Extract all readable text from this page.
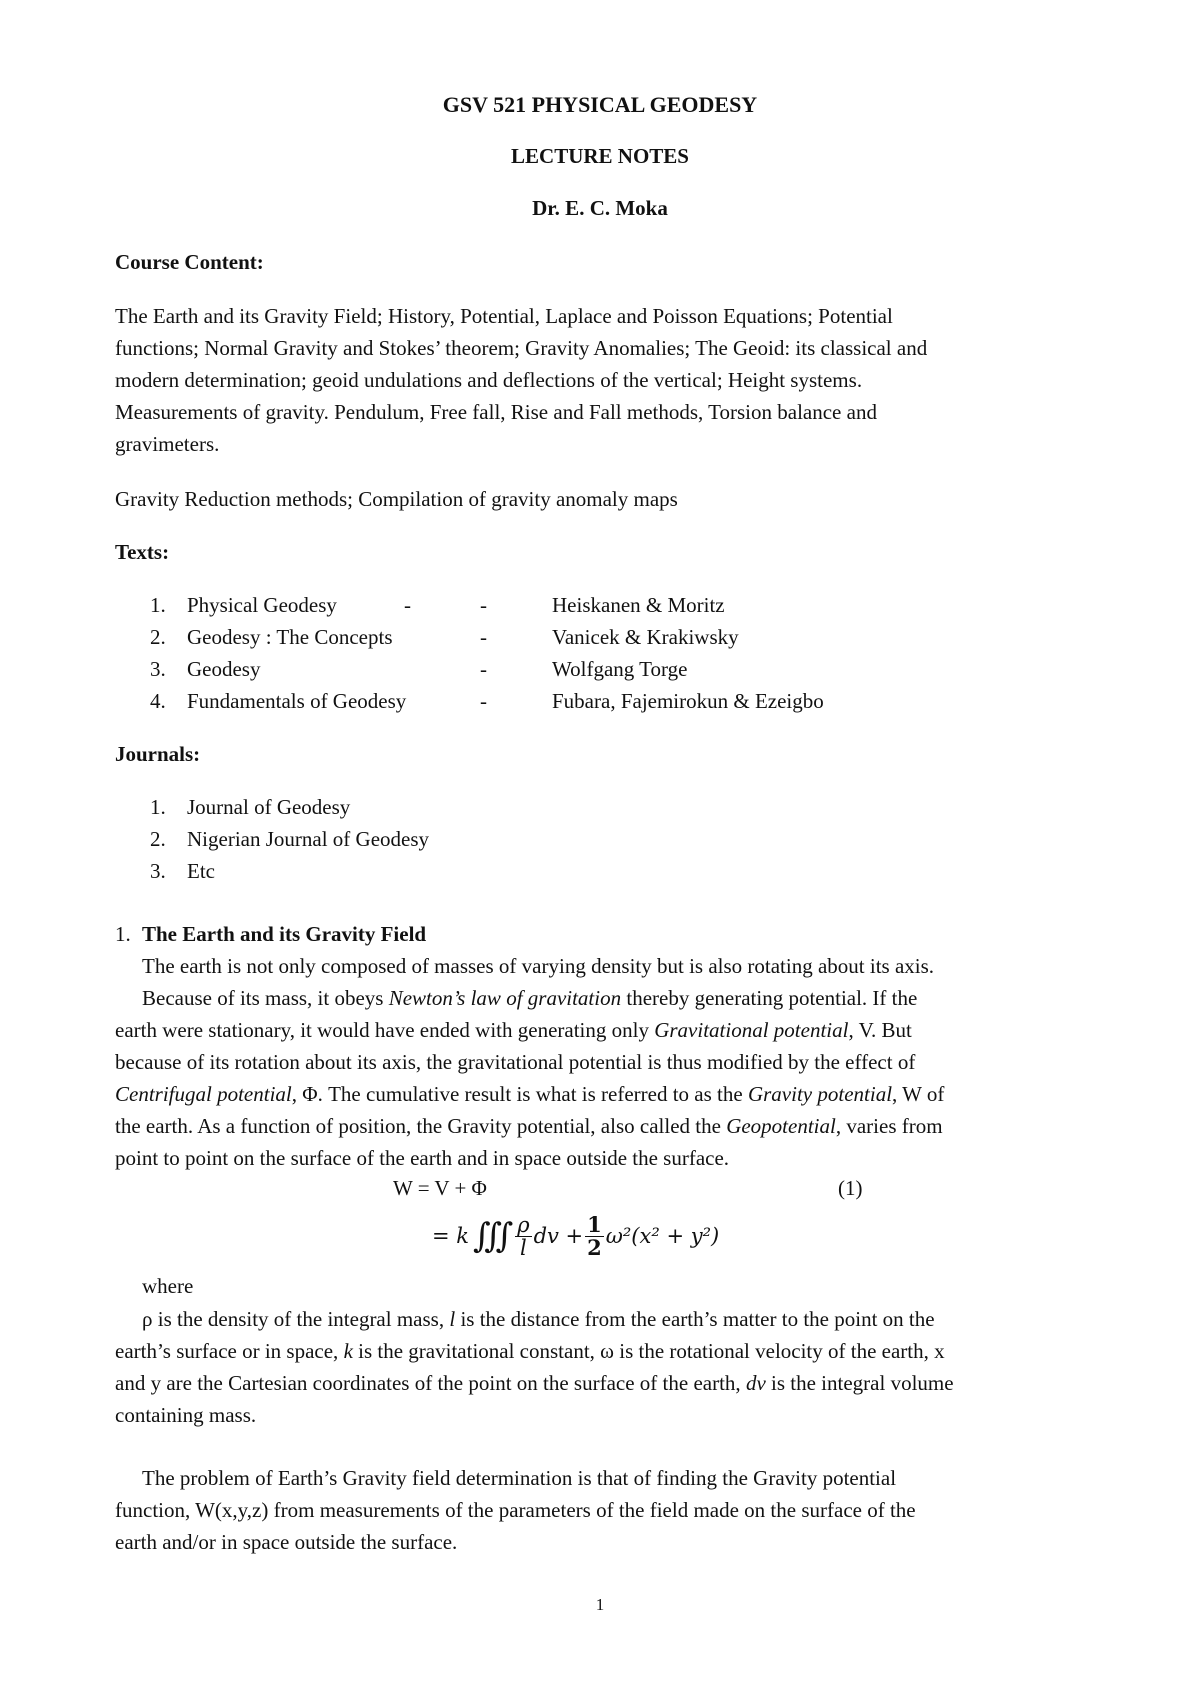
GSV 521 PHYSICAL GEODESY
LECTURE NOTES
Dr. E. C. Moka
Course Content:
The Earth and its Gravity Field; History, Potential, Laplace and Poisson Equations; Potential
functions; Normal Gravity and Stokes’ theorem; Gravity Anomalies; The Geoid: its classical and
modern determination; geoid undulations and deflections of the vertical; Height systems.
Measurements of gravity. Pendulum, Free fall, Rise and Fall methods, Torsion balance and
gravimeters.
Gravity Reduction methods; Compilation of gravity anomaly maps
Texts:
1. Physical Geodesy	-	-	Heiskanen & Moritz
2. Geodesy : The Concepts	-	Vanicek & Krakiwsky
3. Geodesy	-	Wolfgang Torge
4. Fundamentals of Geodesy	-	Fubara, Fajemirokun & Ezeigbo
Journals:
1. Journal of Geodesy
2. Nigerian Journal of Geodesy
3. Etc
1. The Earth and its Gravity Field
The earth is not only composed of masses of varying density but is also rotating about its axis.
Because of its mass, it obeys Newton’s law of gravitation thereby generating potential. If the
earth were stationary, it would have ended with generating only Gravitational potential, V. But
because of its rotation about its axis, the gravitational potential is thus modified by the effect of
Centrifugal potential, Φ. The cumulative result is what is referred to as the Gravity potential, W of
the earth. As a function of position, the Gravity potential, also called the Geopotential, varies from
point to point on the surface of the earth and in space outside the surface.
W = V + Φ	(1)
= k ∭ $\frac{\rho}{l}$ dv + $\frac{1}{2} \omega^2(x^2 + y^2)$
where
ρ is the density of the integral mass, l is the distance from the earth’s matter to the point on the
earth’s surface or in space, k is the gravitational constant, ω is the rotational velocity of the earth, x
and y are the Cartesian coordinates of the point on the surface of the earth, dv is the integral volume
containing mass.
The problem of Earth’s Gravity field determination is that of finding the Gravity potential
function, W(x,y,z) from measurements of the parameters of the field made on the surface of the
earth and/or in space outside the surface.
1
